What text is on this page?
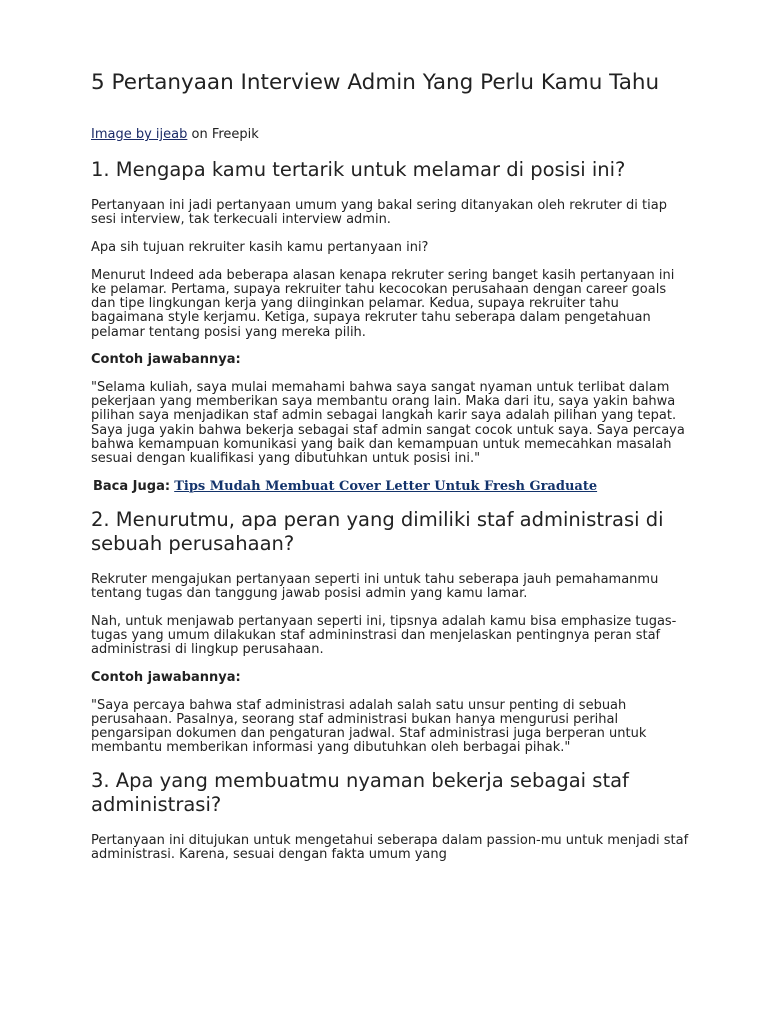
5 Pertanyaan Interview Admin Yang Perlu Kamu Tahu

Image by ijeab on Freepik

1. Mengapa kamu tertarik untuk melamar di posisi ini?

Pertanyaan ini jadi pertanyaan umum yang bakal sering ditanyakan oleh rekruter di tiap sesi interview, tak terkecuali interview admin.

Apa sih tujuan rekruiter kasih kamu pertanyaan ini?

Menurut Indeed ada beberapa alasan kenapa rekruter sering banget kasih pertanyaan ini ke pelamar. Pertama, supaya rekruiter tahu kecocokan perusahaan dengan career goals dan tipe lingkungan kerja yang diinginkan pelamar. Kedua, supaya rekruiter tahu bagaimana style kerjamu. Ketiga, supaya rekruter tahu seberapa dalam pengetahuan pelamar tentang posisi yang mereka pilih.

Contoh jawabannya:

"Selama kuliah, saya mulai memahami bahwa saya sangat nyaman untuk terlibat dalam pekerjaan yang memberikan saya membantu orang lain. Maka dari itu, saya yakin bahwa pilihan saya menjadikan staf admin sebagai langkah karir saya adalah pilihan yang tepat. Saya juga yakin bahwa bekerja sebagai staf admin sangat cocok untuk saya. Saya percaya bahwa kemampuan komunikasi yang baik dan kemampuan untuk memecahkan masalah sesuai dengan kualifikasi yang dibutuhkan untuk posisi ini."

Baca Juga: Tips Mudah Membuat Cover Letter Untuk Fresh Graduate

2. Menurutmu, apa peran yang dimiliki staf administrasi di sebuah perusahaan?

Rekruter mengajukan pertanyaan seperti ini untuk tahu seberapa jauh pemahamanmu tentang tugas dan tanggung jawab posisi admin yang kamu lamar.

Nah, untuk menjawab pertanyaan seperti ini, tipsnya adalah kamu bisa emphasize tugas-tugas yang umum dilakukan staf admininstrasi dan menjelaskan pentingnya peran staf administrasi di lingkup perusahaan.

Contoh jawabannya:

"Saya percaya bahwa staf administrasi adalah salah satu unsur penting di sebuah perusahaan. Pasalnya, seorang staf administrasi bukan hanya mengurusi perihal pengarsipan dokumen dan pengaturan jadwal. Staf administrasi juga berperan untuk membantu memberikan informasi yang dibutuhkan oleh berbagai pihak."

3. Apa yang membuatmu nyaman bekerja sebagai staf administrasi?

Pertanyaan ini ditujukan untuk mengetahui seberapa dalam passion-mu untuk menjadi staf administrasi. Karena, sesuai dengan fakta umum yang
